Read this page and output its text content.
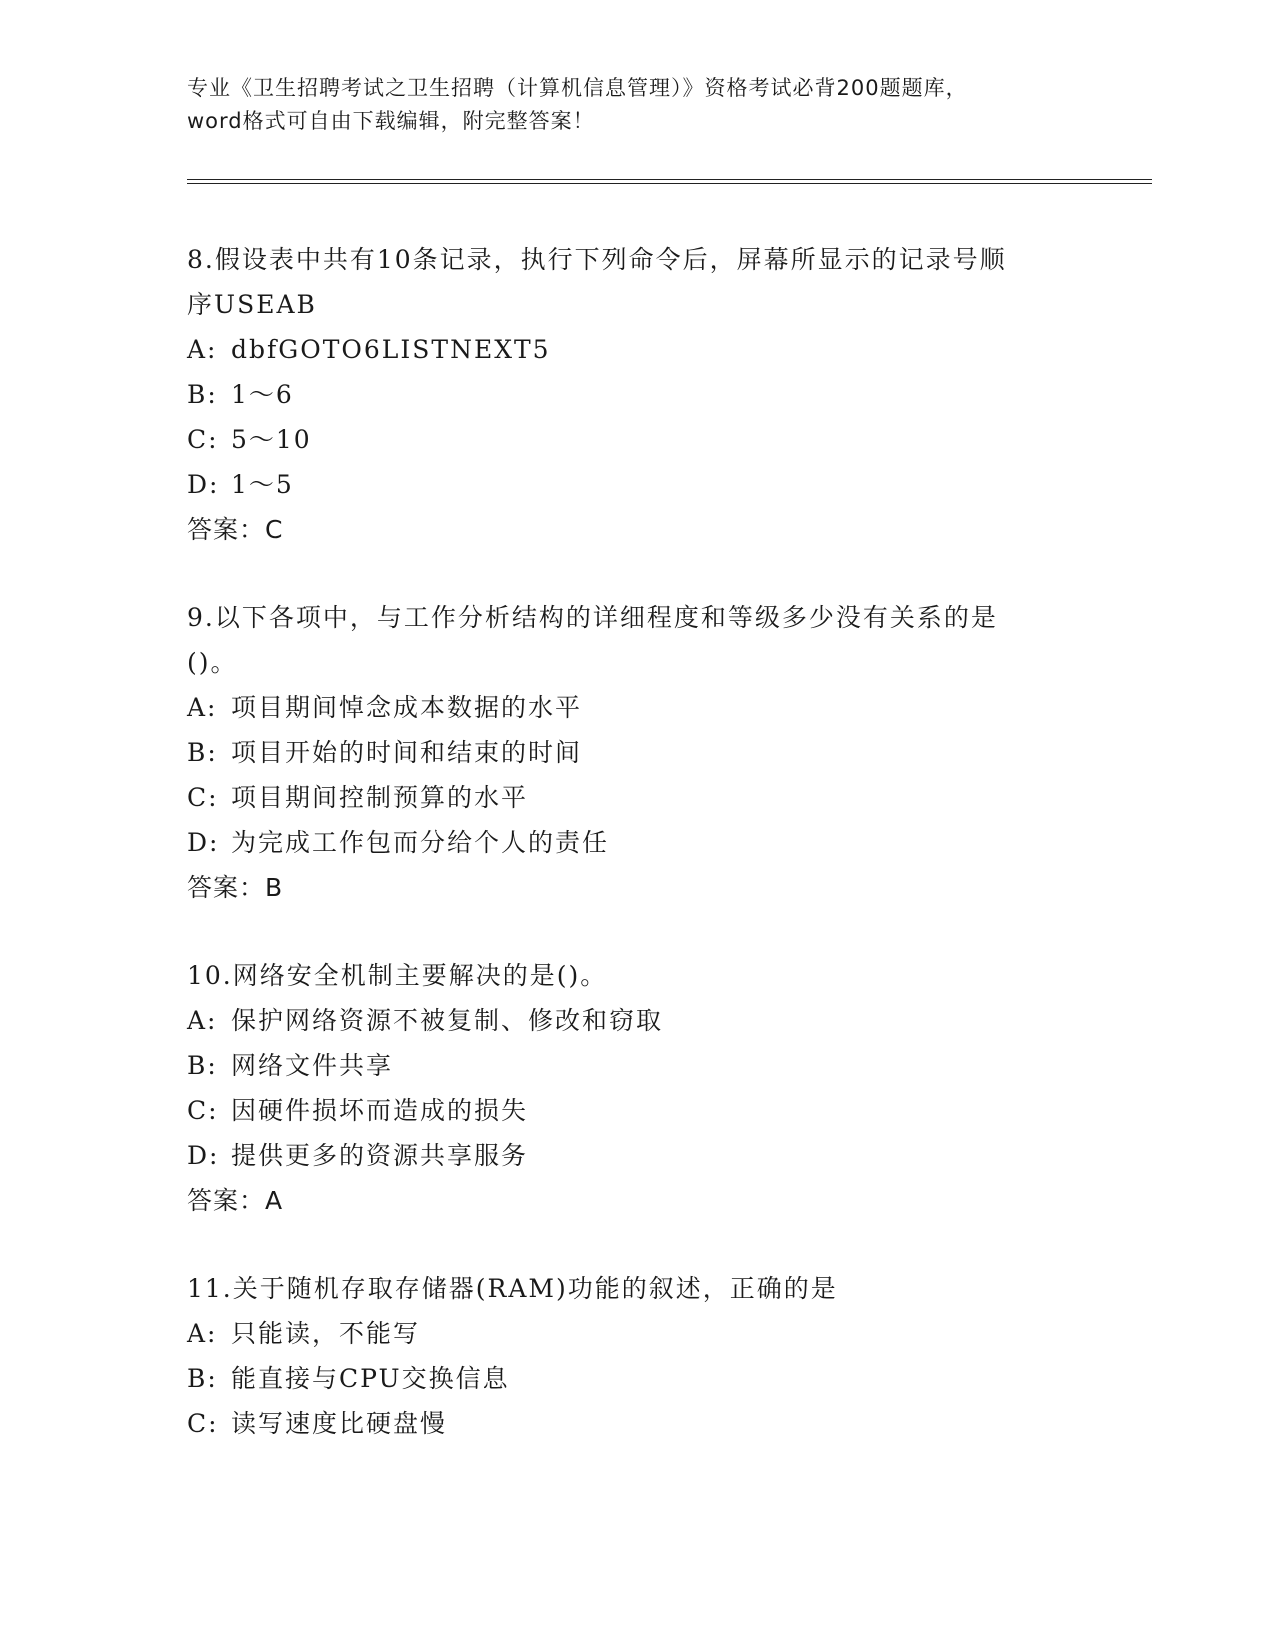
专业《卫生招聘考试之卫生招聘（计算机信息管理）》资格考试必背200题题库，
word格式可自由下载编辑，附完整答案！
8.假设表中共有10条记录，执行下列命令后，屏幕所显示的记录号顺
序USEAB
A: dbfGOTO6LISTNEXT5
B: 1～6
C: 5～10
D: 1～5
答案：C
9.以下各项中，与工作分析结构的详细程度和等级多少没有关系的是
()。
A: 项目期间悼念成本数据的水平
B: 项目开始的时间和结束的时间
C: 项目期间控制预算的水平
D: 为完成工作包而分给个人的责任
答案：B
10.网络安全机制主要解决的是()。
A: 保护网络资源不被复制、修改和窃取
B: 网络文件共享
C: 因硬件损坏而造成的损失
D: 提供更多的资源共享服务
答案：A
11.关于随机存取存储器(RAM)功能的叙述，正确的是
A: 只能读，不能写
B: 能直接与CPU交换信息
C: 读写速度比硬盘慢
